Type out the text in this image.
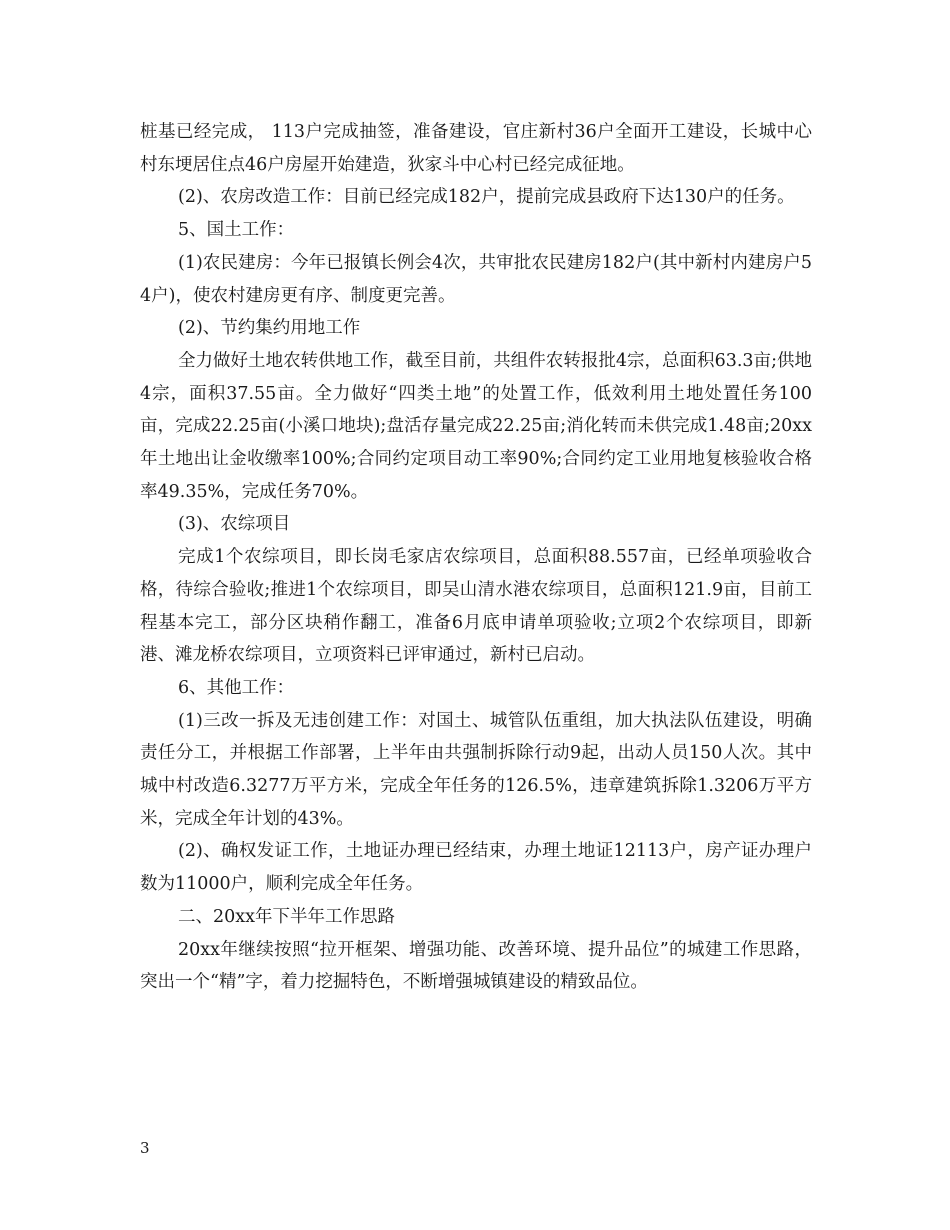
桩基已经完成， 113户完成抽签，准备建设，官庄新村36户全面开工建设，长城中心村东埂居住点46户房屋开始建造，狄家斗中心村已经完成征地。

(2)、农房改造工作：目前已经完成182户，提前完成县政府下达130户的任务。

5、国土工作：

(1)农民建房：今年已报镇长例会4次，共审批农民建房182户(其中新村内建房户54户)，使农村建房更有序、制度更完善。

(2)、节约集约用地工作

全力做好土地农转供地工作，截至目前，共组件农转报批4宗，总面积63.3亩;供地4宗，面积37.55亩。全力做好“四类土地”的处置工作，低效利用土地处置任务100亩，完成22.25亩(小溪口地块);盘活存量完成22.25亩;消化转而未供完成1.48亩;20xx年土地出让金收缴率100%;合同约定项目动工率90%;合同约定工业用地复核验收合格率49.35%，完成任务70%。

(3)、农综项目

完成1个农综项目，即长岗毛家店农综项目，总面积88.557亩，已经单项验收合格，待综合验收;推进1个农综项目，即吴山清水港农综项目，总面积121.9亩，目前工程基本完工，部分区块稍作翻工，准备6月底申请单项验收;立项2个农综项目，即新港、滩龙桥农综项目，立项资料已评审通过，新村已启动。

6、其他工作：

(1)三改一拆及无违创建工作：对国土、城管队伍重组，加大执法队伍建设，明确责任分工，并根据工作部署，上半年由共强制拆除行动9起，出动人员150人次。其中城中村改造6.3277万平方米，完成全年任务的126.5%，违章建筑拆除1.3206万平方米，完成全年计划的43%。

(2)、确权发证工作，土地证办理已经结束，办理土地证12113户，房产证办理户数为11000户，顺利完成全年任务。

二、20xx年下半年工作思路

20xx年继续按照“拉开框架、增强功能、改善环境、提升品位”的城建工作思路，突出一个“精”字，着力挖掘特色，不断增强城镇建设的精致品位。

3
